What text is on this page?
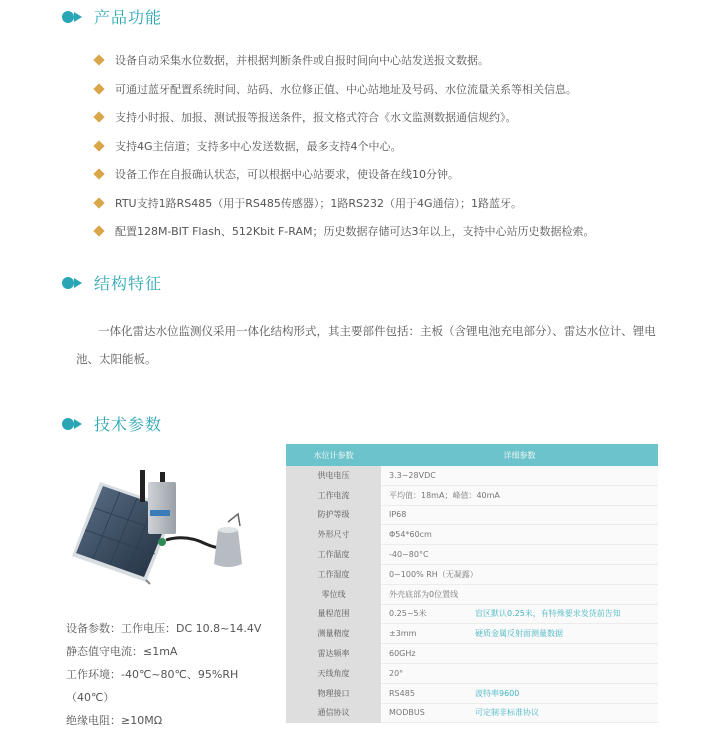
产品功能
设备自动采集水位数据，并根据判断条件或自报时间向中心站发送报文数据。
可通过蓝牙配置系统时间、站码、水位修正值、中心站地址及号码、水位流量关系等相关信息。
支持小时报、加报、测试报等报送条件，报文格式符合《水文监测数据通信规约》。
支持4G主信道；支持多中心发送数据，最多支持4个中心。
设备工作在自报确认状态，可以根据中心站要求，使设备在线10分钟。
RTU支持1路RS485（用于RS485传感器）；1路RS232（用于4G通信）；1路蓝牙。
配置128M-BIT Flash、512Kbit F-RAM；历史数据存储可达3年以上，支持中心站历史数据检索。
结构特征
一体化雷达水位监测仪采用一体化结构形式，其主要部件包括：主板（含锂电池充电部分）、雷达水位计、锂电池、太阳能板。
技术参数
设备参数：工作电压：DC 10.8~14.4V
静态值守电流：≤1mA
工作环境：-40℃~80℃、95%RH
（40℃）
绝缘电阻：≥10MΩ
水位计参数	详细参数	
供电电压	3.3~28VDC	
工作电流	平均值：18mA；峰值：40mA	
防护等级	IP68	
外形尺寸	Φ54*60cm	
工作温度	-40~80°C	
工作湿度	0~100% RH（无凝露）	
零位线	外壳底部为0位置线	
量程范围	0.25~5米	盲区默认0.25米，有特殊要求发货前告知
测量精度	±3mm	硬质金属反射面测量数据
雷达频率	60GHz	
天线角度	20°	
物理接口	RS485	波特率9600
通信协议	MODBUS	可定制非标准协议
